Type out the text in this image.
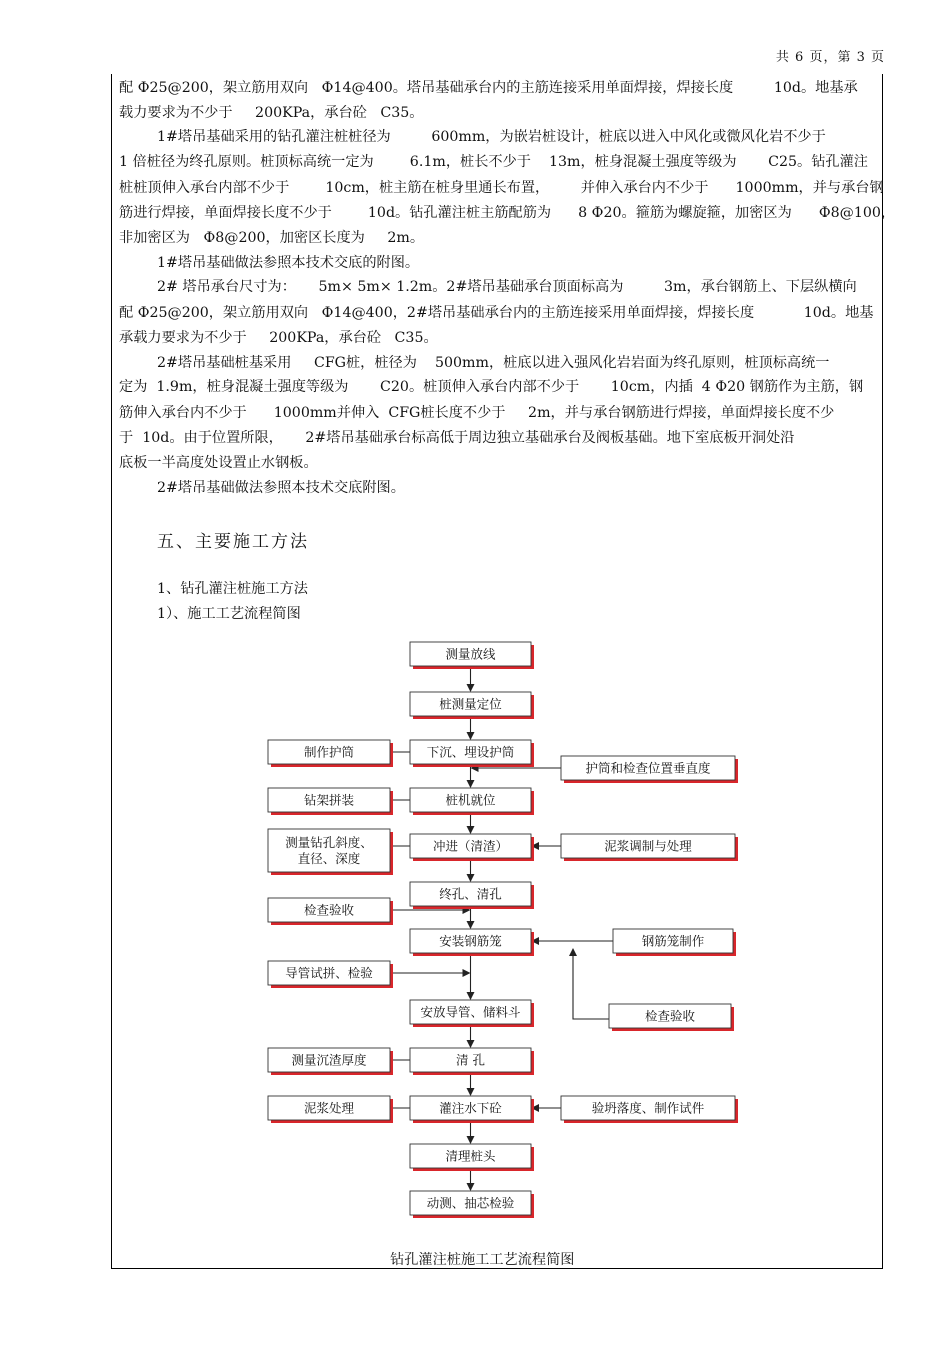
共 6 页，第 3 页
配 Ф25@200，架立筋用双向   Ф14@400。塔吊基础承台内的主筋连接采用单面焊接，焊接长度         10d。地基承
载力要求为不少于     200KPa，承台砼   C35。
1#塔吊基础采用的钻孔灌注桩桩径为         600mm，为嵌岩桩设计，桩底以进入中风化或微风化岩不少于
1 倍桩径为终孔原则。桩顶标高统一定为        6.1m，桩长不少于    13m，桩身混凝土强度等级为       C25。钻孔灌注
桩桩顶伸入承台内部不少于        10cm，桩主筋在桩身里通长布置，       并伸入承台内不少于      1000mm，并与承台钢
筋进行焊接，单面焊接长度不少于        10d。钻孔灌注桩主筋配筋为      8 Ф20。箍筋为螺旋箍，加密区为      Ф8@100，
非加密区为   Ф8@200，加密区长度为     2m。
1#塔吊基础做法参照本技术交底的附图。
2# 塔吊承台尺寸为：     5m× 5m× 1.2m。2#塔吊基础承台顶面标高为         3m，承台钢筋上、下层纵横向
配 Ф25@200，架立筋用双向   Ф14@400，2#塔吊基础承台内的主筋连接采用单面焊接，焊接长度           10d。地基
承载力要求为不少于     200KPa，承台砼   C35。
2#塔吊基础桩基采用     CFG桩，桩径为    500mm，桩底以进入强风化岩岩面为终孔原则，桩顶标高统一
定为  1.9m，桩身混凝土强度等级为       C20。桩顶伸入承台内部不少于       10cm，内插  4 Ф20 钢筋作为主筋，钢
筋伸入承台内不少于      1000mm并伸入  CFG桩长度不少于     2m，并与承台钢筋进行焊接，单面焊接长度不少
于  10d。由于位置所限，     2#塔吊基础承台标高低于周边独立基础承台及阀板基础。地下室底板开洞处沿
底板一半高度处设置止水钢板。
2#塔吊基础做法参照本技术交底附图。
五、主要施工方法
1、钻孔灌注桩施工方法
1）、施工工艺流程简图
测量放线
桩测量定位
下沉、埋设护筒
桩机就位
冲进（清渣）
终孔、清孔
安装钢筋笼
安放导管、储料斗
清 孔
灌注水下砼
清理桩头
动测、抽芯检验
制作护筒
钻架拼装
测量钻孔斜度、
直径、深度
检查验收
导管试拼、检验
测量沉渣厚度
泥浆处理
护筒和检查位置垂直度
泥浆调制与处理
钢筋笼制作
检查验收
验坍落度、制作试件
钻孔灌注桩施工工艺流程简图
